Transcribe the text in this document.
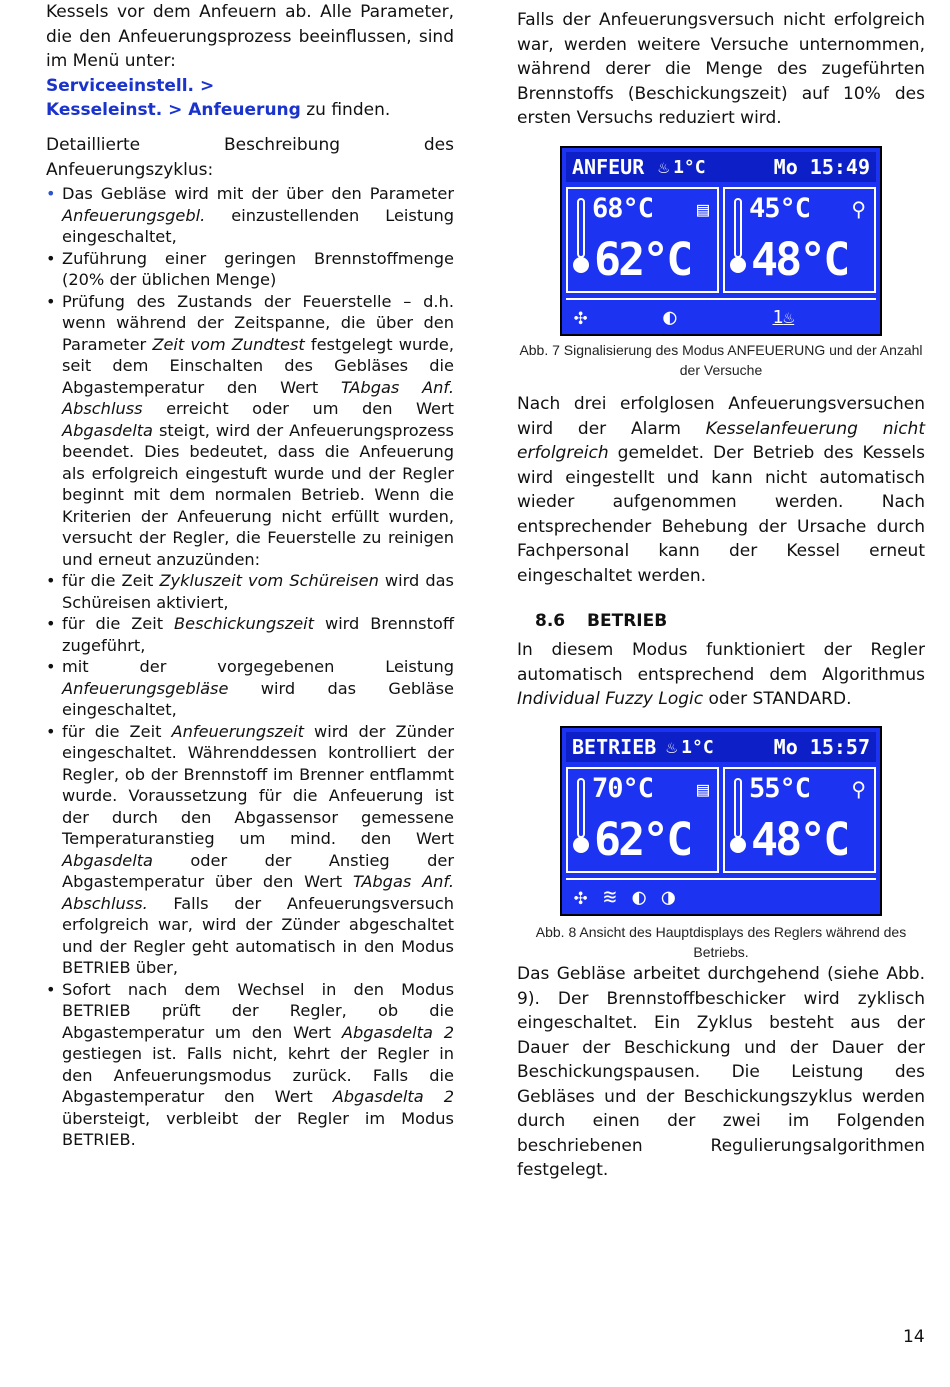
Kessels vor dem Anfeuern ab. Alle Parameter, die den Anfeuerungsprozess beeinflussen, sind im Menü unter:
Serviceeinstell. >
Kesseleinst. > Anfeuerung zu finden.

Detaillierte Beschreibung des Anfeuerungszyklus:

• Das Gebläse wird mit der über den Parameter Anfeuerungsgebl. einzustellenden Leistung eingeschaltet,
• Zuführung einer geringen Brennstoffmenge (20% der üblichen Menge)
• Prüfung des Zustands der Feuerstelle – d.h. wenn während der Zeitspanne, die über den Parameter Zeit vom Zundtest festgelegt wurde, seit dem Einschalten des Gebläses die Abgastemperatur den Wert TAbgas Anf. Abschluss erreicht oder um den Wert Abgasdelta steigt, wird der Anfeuerungsprozess beendet. Dies bedeutet, dass die Anfeuerung als erfolgreich eingestuft wurde und der Regler beginnt mit dem normalen Betrieb. Wenn die Kriterien der Anfeuerung nicht erfüllt wurden, versucht der Regler, die Feuerstelle zu reinigen und erneut anzuzünden:
• für die Zeit Zykluszeit vom Schüreisen wird das Schüreisen aktiviert,
• für die Zeit Beschickungszeit wird Brennstoff zugeführt,
• mit der vorgegebenen Leistung Anfeuerungsgebläse wird das Gebläse eingeschaltet,
• für die Zeit Anfeuerungszeit wird der Zünder eingeschaltet. Währenddessen kontrolliert der Regler, ob der Brennstoff im Brenner entflammt wurde. Voraussetzung für die Anfeuerung ist der durch den Abgassensor gemessene Temperaturanstieg um mind. den Wert Abgasdelta oder der Anstieg der Abgastemperatur über den Wert TAbgas Anf. Abschluss. Falls der Anfeuerungsversuch erfolgreich war, wird der Zünder abgeschaltet und der Regler geht automatisch in den Modus BETRIEB über,
• Sofort nach dem Wechsel in den Modus BETRIEB prüft der Regler, ob die Abgastemperatur um den Wert Abgasdelta 2 gestiegen ist. Falls nicht, kehrt der Regler in den Anfeuerungsmodus zurück. Falls die Abgastemperatur den Wert Abgasdelta 2 übersteigt, verbleibt der Regler im Modus BETRIEB.

Falls der Anfeuerungsversuch nicht erfolgreich war, werden weitere Versuche unternommen, während derer die Menge des zugeführten Brennstoffs (Beschickungszeit) auf 10% des ersten Versuchs reduziert wird.

ANFEUR ♨ 1°C	Mo 15:49
68°C ▤
62°C
45°C ⚲
48°C
✣	◐	1♨

Abb. 7 Signalisierung des Modus ANFEUERUNG und der Anzahl der Versuche

Nach drei erfolglosen Anfeuerungsversuchen wird der Alarm Kesselanfeuerung nicht erfolgreich gemeldet. Der Betrieb des Kessels wird eingestellt und kann nicht automatisch wieder aufgenommen werden. Nach entsprechender Behebung der Ursache durch Fachpersonal kann der Kessel erneut eingeschaltet werden.

8.6 BETRIEB

In diesem Modus funktioniert der Regler automatisch entsprechend dem Algorithmus Individual Fuzzy Logic oder STANDARD.

BETRIEB ♨ 1°C	Mo 15:57
70°C ▤
62°C
55°C ⚲
48°C
✣ ≋ ◐ ◑

Abb. 8 Ansicht des Hauptdisplays des Reglers während des Betriebs.

Das Gebläse arbeitet durchgehend (siehe Abb. 9). Der Brennstoffbeschicker wird zyklisch eingeschaltet. Ein Zyklus besteht aus der Dauer der Beschickung und der Dauer der Beschickungspausen. Die Leistung des Gebläses und der Beschickungszyklus werden durch einen der zwei im Folgenden beschriebenen Regulierungsalgorithmen festgelegt.

14
